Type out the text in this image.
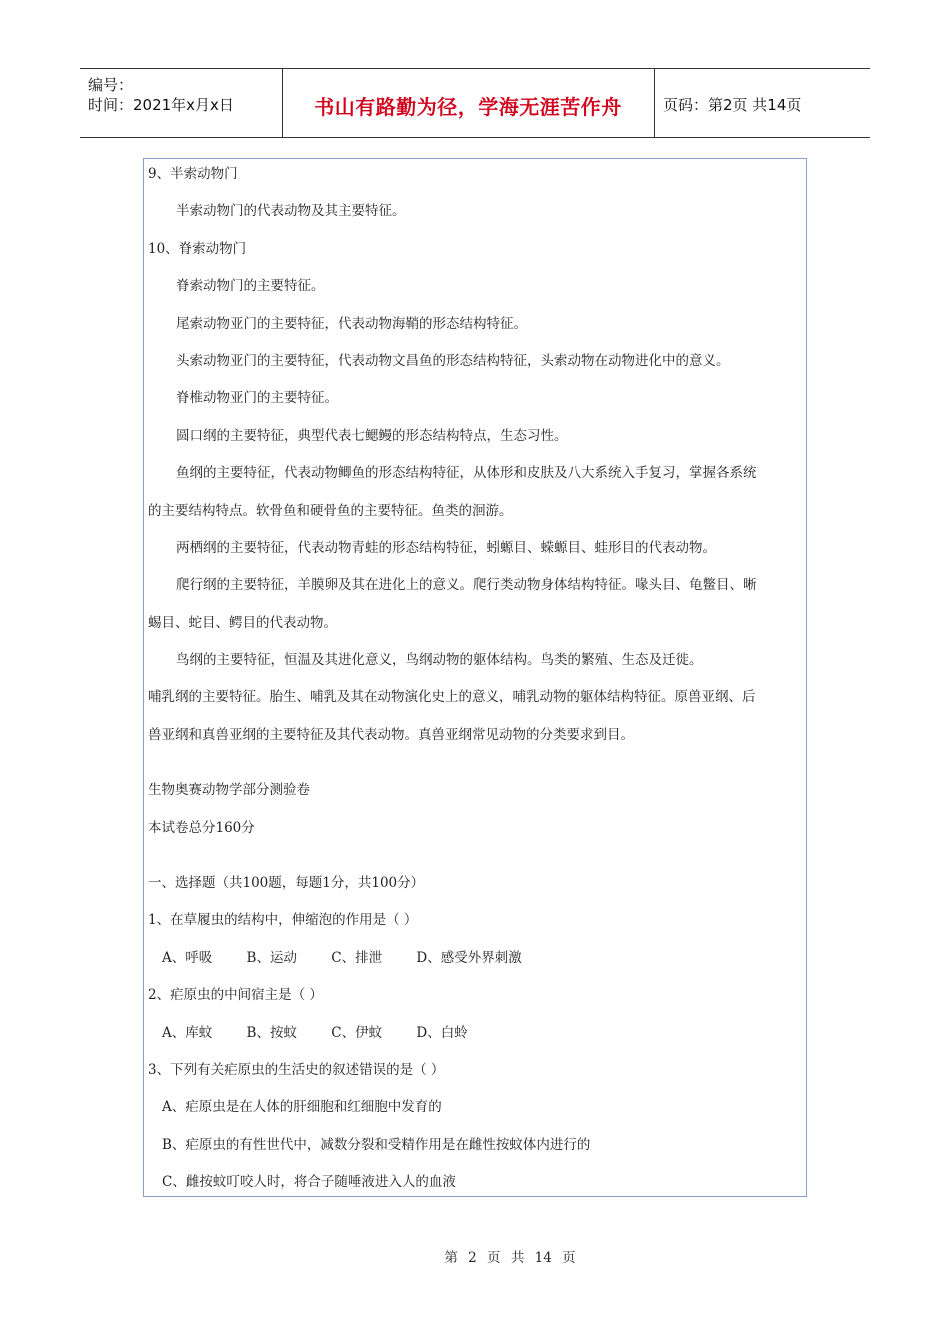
编号：
时间：2021年x月x日	书山有路勤为径，学海无涯苦作舟	页码：第2页 共14页
9、半索动物门
半索动物门的代表动物及其主要特征。
10、脊索动物门
脊索动物门的主要特征。
尾索动物亚门的主要特征，代表动物海鞘的形态结构特征。
头索动物亚门的主要特征，代表动物文昌鱼的形态结构特征，头索动物在动物进化中的意义。
脊椎动物亚门的主要特征。
圆口纲的主要特征，典型代表七鳃鳗的形态结构特点，生态习性。
鱼纲的主要特征，代表动物鲫鱼的形态结构特征，从体形和皮肤及八大系统入手复习，掌握各系统
的主要结构特点。软骨鱼和硬骨鱼的主要特征。鱼类的洄游。
两栖纲的主要特征，代表动物青蛙的形态结构特征，蚓螈目、蝾螈目、蛙形目的代表动物。
爬行纲的主要特征，羊膜卵及其在进化上的意义。爬行类动物身体结构特征。喙头目、龟鳖目、晰
蜴目、蛇目、鳄目的代表动物。
鸟纲的主要特征，恒温及其进化意义，鸟纲动物的躯体结构。鸟类的繁殖、生态及迁徙。
哺乳纲的主要特征。胎生、哺乳及其在动物演化史上的意义，哺乳动物的躯体结构特征。原兽亚纲、后
兽亚纲和真兽亚纲的主要特征及其代表动物。真兽亚纲常见动物的分类要求到目。
生物奥赛动物学部分测验卷
本试卷总分160分
一、选择题（共100题，每题1分，共100分）
1、在草履虫的结构中，伸缩泡的作用是（ ）
A、呼吸	B、运动	C、排泄	D、感受外界刺激
2、疟原虫的中间宿主是（ ）
A、库蚊	B、按蚊	C、伊蚊	D、白蛉
3、下列有关疟原虫的生活史的叙述错误的是（ ）
A、疟原虫是在人体的肝细胞和红细胞中发育的
B、疟原虫的有性世代中，减数分裂和受精作用是在雌性按蚊体内进行的
C、雌按蚊叮咬人时，将合子随唾液进入人的血液
第 2 页 共 14 页
